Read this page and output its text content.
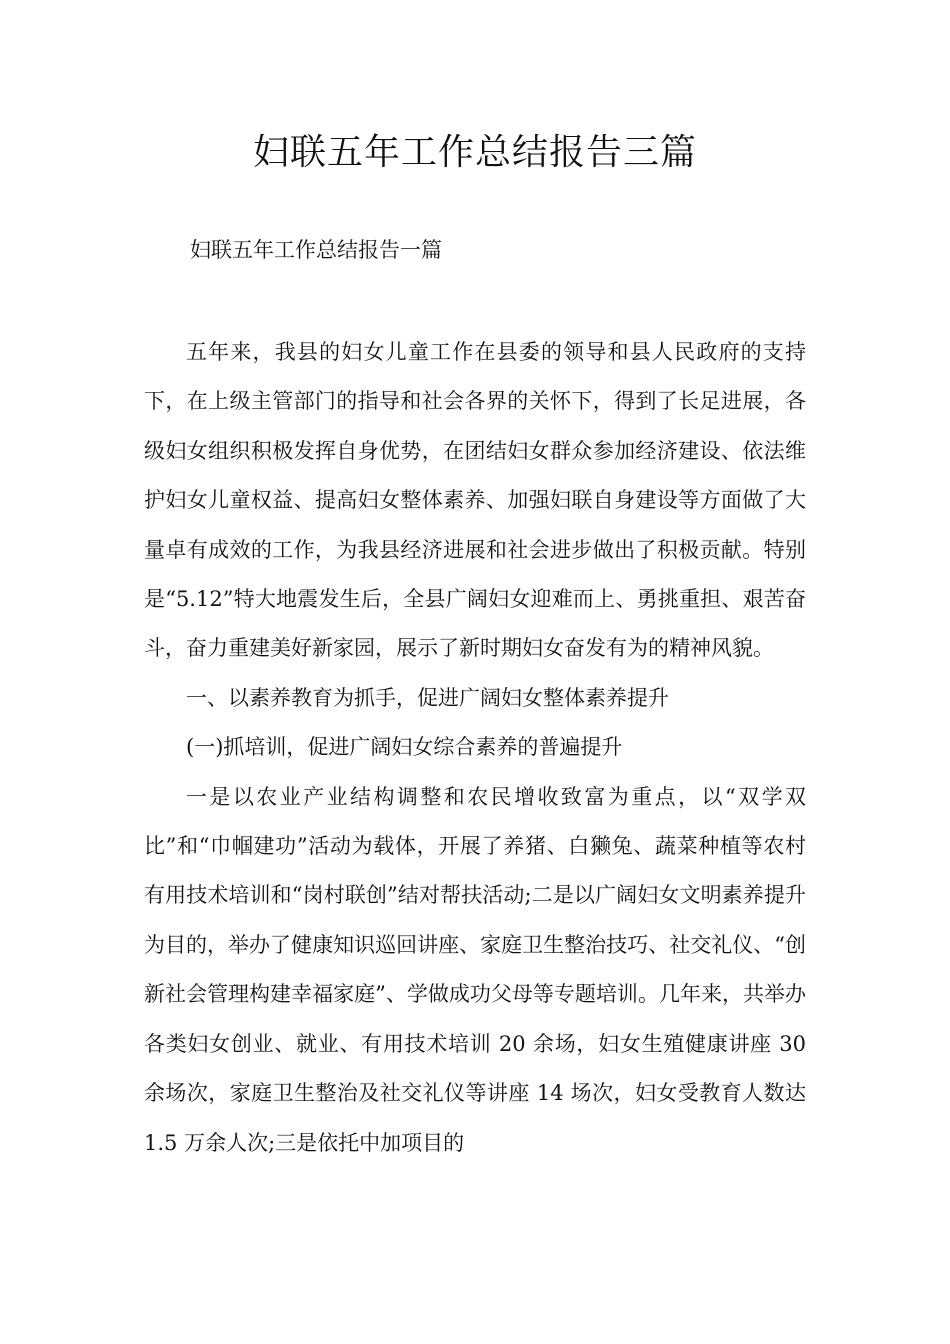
妇联五年工作总结报告三篇

妇联五年工作总结报告一篇

五年来，我县的妇女儿童工作在县委的领导和县人民政府的支持下，在上级主管部门的指导和社会各界的关怀下，得到了长足进展，各级妇女组织积极发挥自身优势，在团结妇女群众参加经济建设、依法维护妇女儿童权益、提高妇女整体素养、加强妇联自身建设等方面做了大量卓有成效的工作，为我县经济进展和社会进步做出了积极贡献。特别是“5.12”特大地震发生后，全县广阔妇女迎难而上、勇挑重担、艰苦奋斗，奋力重建美好新家园，展示了新时期妇女奋发有为的精神风貌。

一、以素养教育为抓手，促进广阔妇女整体素养提升

(一)抓培训，促进广阔妇女综合素养的普遍提升

一是以农业产业结构调整和农民增收致富为重点，以“双学双比”和“巾帼建功”活动为载体，开展了养猪、白獭兔、蔬菜种植等农村有用技术培训和“岗村联创”结对帮扶活动;二是以广阔妇女文明素养提升为目的，举办了健康知识巡回讲座、家庭卫生整治技巧、社交礼仪、“创新社会管理构建幸福家庭”、学做成功父母等专题培训。几年来，共举办各类妇女创业、就业、有用技术培训 20 余场，妇女生殖健康讲座 30 余场次，家庭卫生整治及社交礼仪等讲座 14 场次，妇女受教育人数达 1.5 万余人次;三是依托中加项目的
